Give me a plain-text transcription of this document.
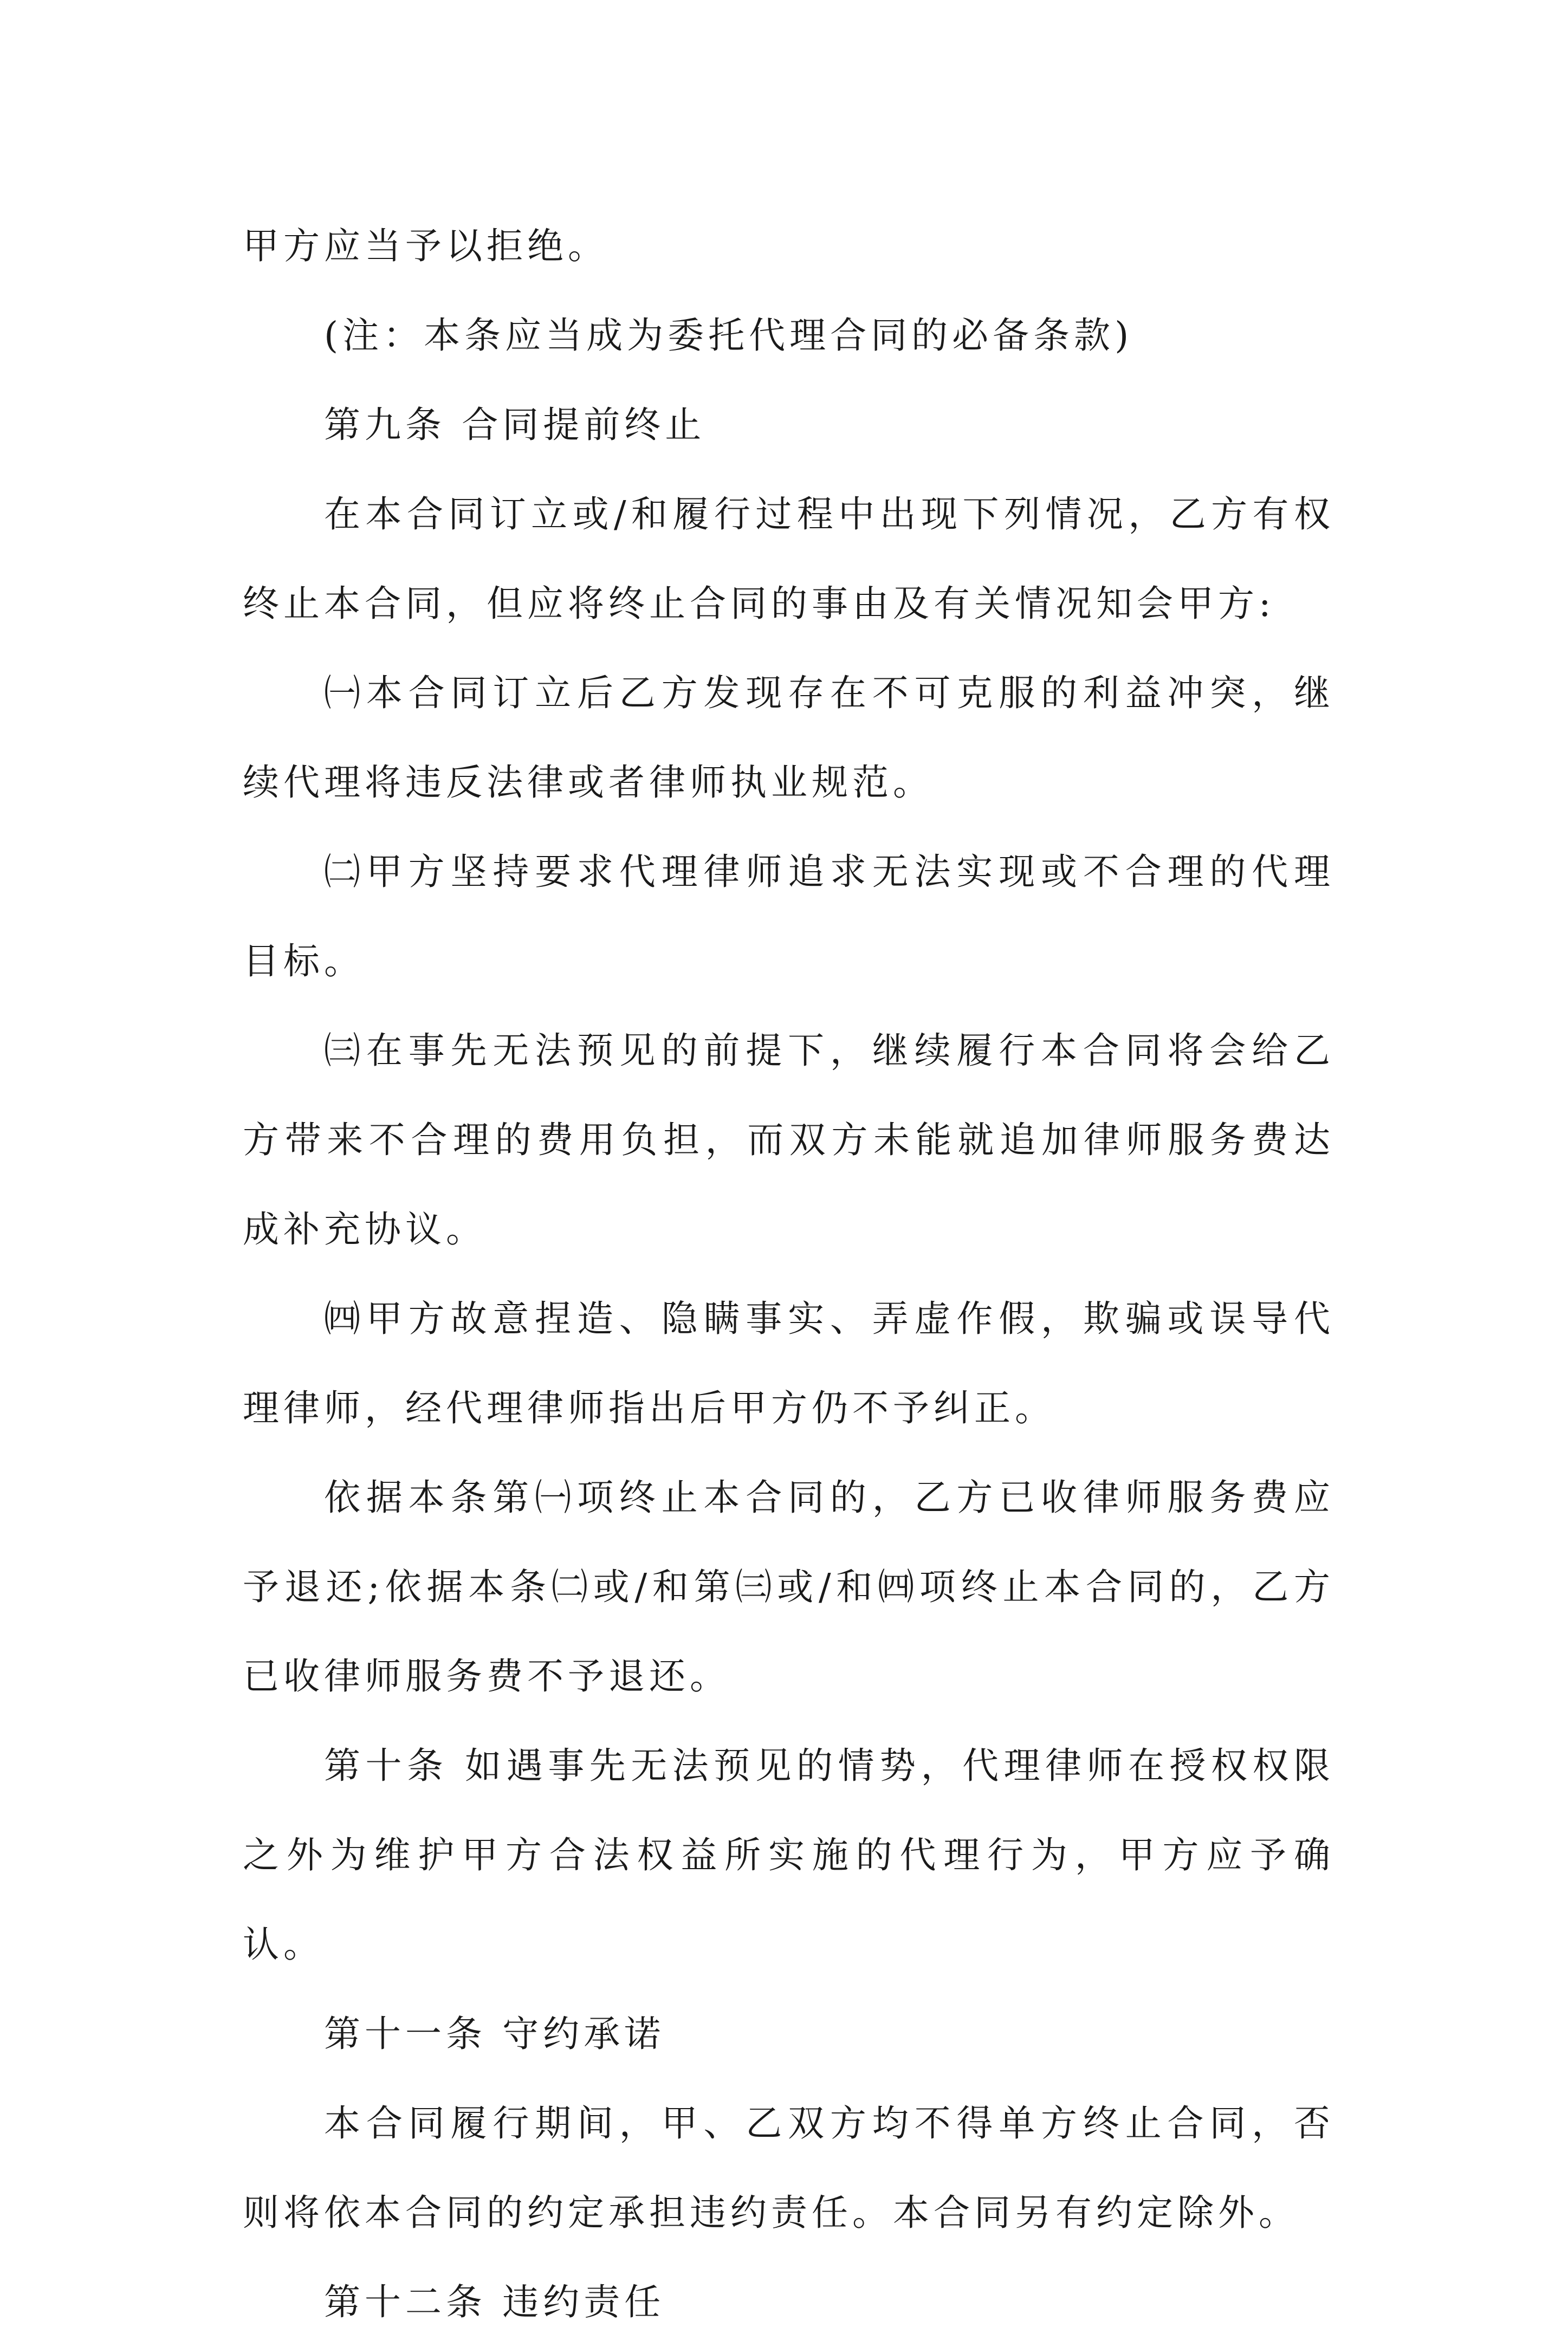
甲方应当予以拒绝。

(注：本条应当成为委托代理合同的必备条款)

第九条 合同提前终止

在本合同订立或/和履行过程中出现下列情况，乙方有权终止本合同，但应将终止合同的事由及有关情况知会甲方:

㈠本合同订立后乙方发现存在不可克服的利益冲突，继续代理将违反法律或者律师执业规范。

㈡甲方坚持要求代理律师追求无法实现或不合理的代理目标。

㈢在事先无法预见的前提下，继续履行本合同将会给乙方带来不合理的费用负担，而双方未能就追加律师服务费达成补充协议。

㈣甲方故意捏造、隐瞒事实、弄虚作假，欺骗或误导代理律师，经代理律师指出后甲方仍不予纠正。

依据本条第㈠项终止本合同的，乙方已收律师服务费应予退还;依据本条㈡或/和第㈢或/和㈣项终止本合同的，乙方已收律师服务费不予退还。

第十条 如遇事先无法预见的情势，代理律师在授权权限之外为维护甲方合法权益所实施的代理行为，甲方应予确认。

第十一条 守约承诺

本合同履行期间，甲、乙双方均不得单方终止合同，否则将依本合同的约定承担违约责任。本合同另有约定除外。

第十二条 违约责任
